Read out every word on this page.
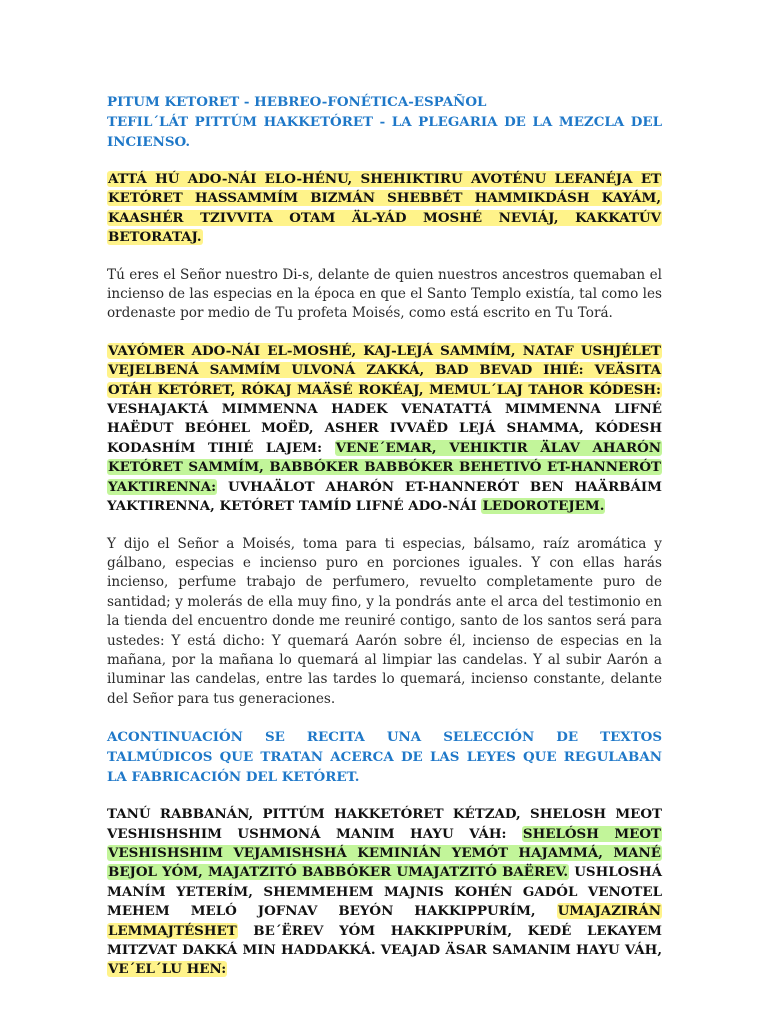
PITUM KETORET - HEBREO-FONÉTICA-ESPAÑOL

TEFIL´LÁT PITTÚM HAKKETÓRET - LA PLEGARIA DE LA MEZCLA DEL INCIENSO.

ATTÁ HÚ ADO-NÁI ELO-HÉNU, SHEHIKTIRU AVOTÉNU LEFANÉJA ET KETÓRET HASSAMMÍM BIZMÁN SHEBBÉT HAMMIKDÁSH KAYÁM, KAASHÉR TZIVVITA OTAM ÄL-YÁD MOSHÉ NEVIÁJ, KAKKATÚV BETORATAJ.

Tú eres el Señor nuestro Di-s, delante de quien nuestros ancestros quemaban el incienso de las especias en la época en que el Santo Templo existía, tal como les ordenaste por medio de Tu profeta Moisés, como está escrito en Tu Torá.

VAYÓMER ADO-NÁI EL-MOSHÉ, KAJ-LEJÁ SAMMÍM, NATAF USHJÉLET VEJELBENÁ SAMMÍM ULVONÁ ZAKKÁ, BAD BEVAD IHIÉ: VEÄSITA OTÁH KETÓRET, RÓKAJ MAÄSÉ ROKÉAJ, MEMUL´LAJ TAHOR KÓDESH: VESHAJAKTÁ MIMMENNA HADEK VENATATTÁ MIMMENNA LIFNÉ HAËDUT BEÓHEL MOËD, ASHER IVVAËD LEJÁ SHAMMA, KÓDESH KODASHÍM TIHIÉ LAJEM: VENE´EMAR, VEHIKTIR ÄLAV AHARÓN KETÓRET SAMMÍM, BABBÓKER BABBÓKER BEHETIVÓ ET-HANNERÓT YAKTIRENNA: UVHAÄLOT AHARÓN ET-HANNERÓT BEN HAÄRBÁIM YAKTIRENNA, KETÓRET TAMÍD LIFNÉ ADO-NÁI LEDOROTEJEM.

Y dijo el Señor a Moisés, toma para ti especias, bálsamo, raíz aromática y gálbano, especias e incienso puro en porciones iguales. Y con ellas harás incienso, perfume trabajo de perfumero, revuelto completamente puro de santidad; y molerás de ella muy fino, y la pondrás ante el arca del testimonio en la tienda del encuentro donde me reuniré contigo, santo de los santos será para ustedes: Y está dicho: Y quemará Aarón sobre él, incienso de especias en la mañana, por la mañana lo quemará al limpiar las candelas. Y al subir Aarón a iluminar las candelas, entre las tardes lo quemará, incienso constante, delante del Señor para tus generaciones.

ACONTINUACIÓN SE RECITA UNA SELECCIÓN DE TEXTOS TALMÚDICOS QUE TRATAN ACERCA DE LAS LEYES QUE REGULABAN LA FABRICACIÓN DEL KETÓRET.

TANÚ RABBANÁN, PITTÚM HAKKETÓRET KÉTZAD, SHELOSH MEOT VESHISHSHIM USHMONÁ MANIM HAYU VÁH: SHELÓSH MEOT VESHISHSHIM VEJAMISHSHÁ KEMINIÁN YEMÓT HAJAMMÁ, MANÉ BEJOL YÓM, MAJATZITÓ BABBÓKER UMAJATZITÓ BAËREV. USHLOSHÁ MANÍM YETERÍM, SHEMMEHEM MAJNIS KOHÉN GADÓL VENOTEL MEHEM MELÓ JOFNAV BEYÓN HAKKIPPURÍM, UMAJAZIRÁN LEMMAJTÉSHET BE´ËREV YÓM HAKKIPPURÍM, KEDÉ LEKAYEM MITZVAT DAKKÁ MIN HADDAKKÁ. VEAJAD ÄSAR SAMANIM HAYU VÁH, VE´EL´LU HEN:
